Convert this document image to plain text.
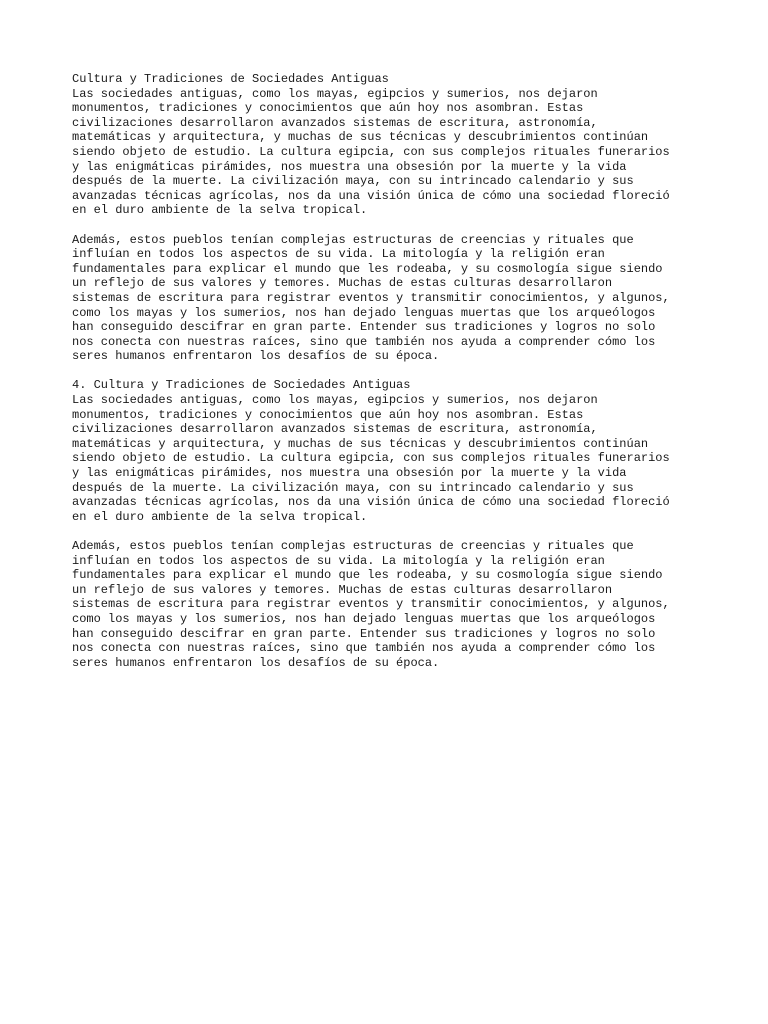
Cultura y Tradiciones de Sociedades Antiguas
Las sociedades antiguas, como los mayas, egipcios y sumerios, nos dejaron
monumentos, tradiciones y conocimientos que aún hoy nos asombran. Estas
civilizaciones desarrollaron avanzados sistemas de escritura, astronomía,
matemáticas y arquitectura, y muchas de sus técnicas y descubrimientos continúan
siendo objeto de estudio. La cultura egipcia, con sus complejos rituales funerarios
y las enigmáticas pirámides, nos muestra una obsesión por la muerte y la vida
después de la muerte. La civilización maya, con su intrincado calendario y sus
avanzadas técnicas agrícolas, nos da una visión única de cómo una sociedad floreció
en el duro ambiente de la selva tropical.
Además, estos pueblos tenían complejas estructuras de creencias y rituales que
influían en todos los aspectos de su vida. La mitología y la religión eran
fundamentales para explicar el mundo que les rodeaba, y su cosmología sigue siendo
un reflejo de sus valores y temores. Muchas de estas culturas desarrollaron
sistemas de escritura para registrar eventos y transmitir conocimientos, y algunos,
como los mayas y los sumerios, nos han dejado lenguas muertas que los arqueólogos
han conseguido descifrar en gran parte. Entender sus tradiciones y logros no solo
nos conecta con nuestras raíces, sino que también nos ayuda a comprender cómo los
seres humanos enfrentaron los desafíos de su época.
4. Cultura y Tradiciones de Sociedades Antiguas
Las sociedades antiguas, como los mayas, egipcios y sumerios, nos dejaron
monumentos, tradiciones y conocimientos que aún hoy nos asombran. Estas
civilizaciones desarrollaron avanzados sistemas de escritura, astronomía,
matemáticas y arquitectura, y muchas de sus técnicas y descubrimientos continúan
siendo objeto de estudio. La cultura egipcia, con sus complejos rituales funerarios
y las enigmáticas pirámides, nos muestra una obsesión por la muerte y la vida
después de la muerte. La civilización maya, con su intrincado calendario y sus
avanzadas técnicas agrícolas, nos da una visión única de cómo una sociedad floreció
en el duro ambiente de la selva tropical.
Además, estos pueblos tenían complejas estructuras de creencias y rituales que
influían en todos los aspectos de su vida. La mitología y la religión eran
fundamentales para explicar el mundo que les rodeaba, y su cosmología sigue siendo
un reflejo de sus valores y temores. Muchas de estas culturas desarrollaron
sistemas de escritura para registrar eventos y transmitir conocimientos, y algunos,
como los mayas y los sumerios, nos han dejado lenguas muertas que los arqueólogos
han conseguido descifrar en gran parte. Entender sus tradiciones y logros no solo
nos conecta con nuestras raíces, sino que también nos ayuda a comprender cómo los
seres humanos enfrentaron los desafíos de su época.
